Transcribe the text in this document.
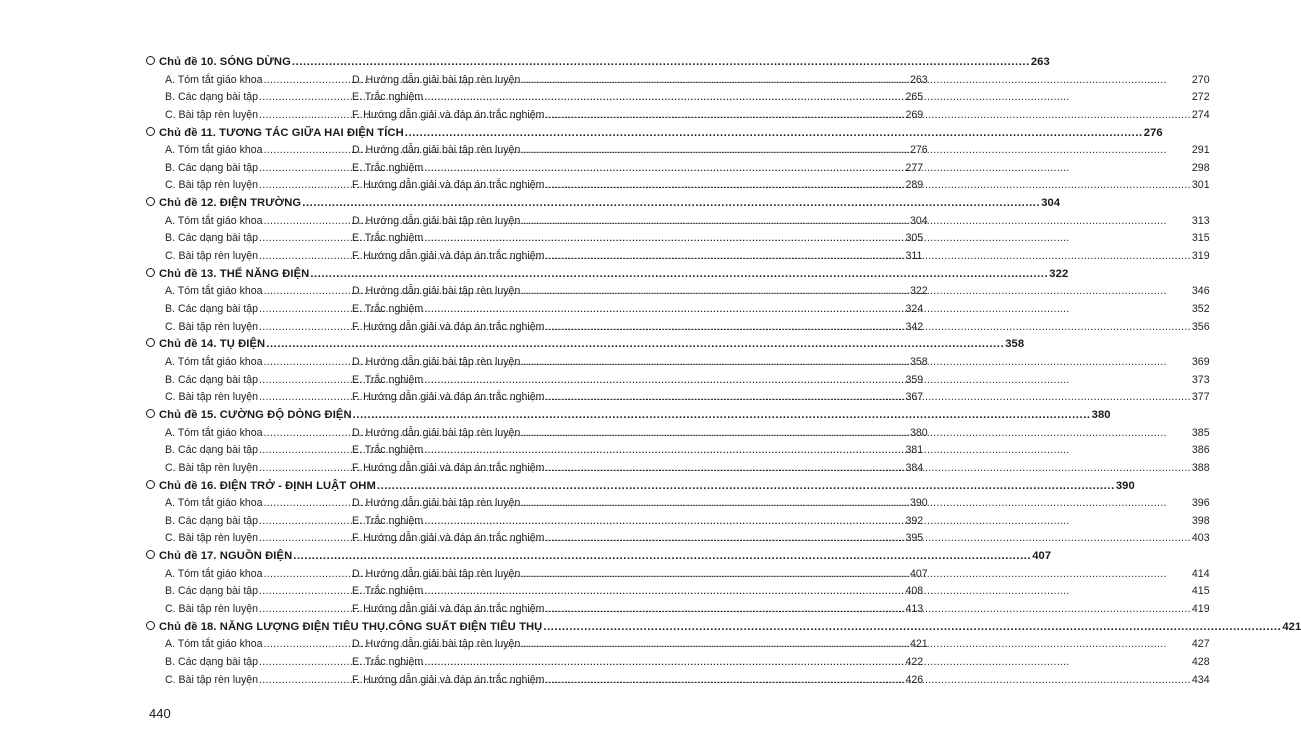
Chủ đề 10. SÓNG DỪNG .....	263
A. Tóm tắt giáo khoa .....	263
B. Các dạng bài tập .....	265
C. Bài tập rèn luyện .....	269
D. Hướng dẫn giải bài tập rèn luyện .....	270
E. Trắc nghiệm .....	272
F. Hướng dẫn giải và đáp án trắc nghiệm .....	274
Chủ đề 11. TƯƠNG TÁC GIỮA HAI ĐIỆN TÍCH .....	276
A. Tóm tắt giáo khoa .....	276
B. Các dạng bài tập .....	277
C. Bài tập rèn luyện .....	289
D. Hướng dẫn giải bài tập rèn luyện .....	291
E. Trắc nghiệm .....	298
F. Hướng dẫn giải và đáp án trắc nghiệm .....	301
Chủ đề 12. ĐIỆN TRƯỜNG .....	304
A. Tóm tắt giáo khoa .....	304
B. Các dạng bài tập .....	305
C. Bài tập rèn luyện .....	311
D. Hướng dẫn giải bài tập rèn luyện .....	313
E. Trắc nghiệm .....	315
F. Hướng dẫn giải và đáp án trắc nghiệm .....	319
Chủ đề 13. THẾ NĂNG ĐIỆN .....	322
A. Tóm tắt giáo khoa .....	322
B. Các dạng bài tập .....	324
C. Bài tập rèn luyện .....	342
D. Hướng dẫn giải bài tập rèn luyện .....	346
E. Trắc nghiệm .....	352
F. Hướng dẫn giải và đáp án trắc nghiệm .....	356
Chủ đề 14. TỤ ĐIỆN .....	358
A. Tóm tắt giáo khoa .....	358
B. Các dạng bài tập .....	359
C. Bài tập rèn luyện .....	367
D. Hướng dẫn giải bài tập rèn luyện .....	369
E. Trắc nghiệm .....	373
F. Hướng dẫn giải và đáp án trắc nghiệm .....	377
Chủ đề 15. CƯỜNG ĐỘ DÒNG ĐIỆN .....	380
A. Tóm tắt giáo khoa .....	380
B. Các dạng bài tập .....	381
C. Bài tập rèn luyện .....	384
D. Hướng dẫn giải bài tập rèn luyện .....	385
E. Trắc nghiệm .....	386
F. Hướng dẫn giải và đáp án trắc nghiệm .....	388
Chủ đề 16. ĐIỆN TRỞ - ĐỊNH LUẬT OHM .....	390
A. Tóm tắt giáo khoa .....	390
B. Các dạng bài tập .....	392
C. Bài tập rèn luyện .....	395
D. Hướng dẫn giải bài tập rèn luyện .....	396
E. Trắc nghiệm .....	398
F. Hướng dẫn giải và đáp án trắc nghiệm .....	403
Chủ đề 17. NGUỒN ĐIỆN .....	407
A. Tóm tắt giáo khoa .....	407
B. Các dạng bài tập .....	408
C. Bài tập rèn luyện .....	413
D. Hướng dẫn giải bài tập rèn luyện .....	414
E. Trắc nghiệm .....	415
F. Hướng dẫn giải và đáp án trắc nghiệm .....	419
Chủ đề 18. NĂNG LƯỢNG ĐIỆN TIÊU THỤ.CÔNG SUẤT ĐIỆN TIÊU THỤ .....	421
A. Tóm tắt giáo khoa .....	421
B. Các dạng bài tập .....	422
C. Bài tập rèn luyện .....	426
D. Hướng dẫn giải bài tập rèn luyện .....	427
E. Trắc nghiệm .....	428
F. Hướng dẫn giải và đáp án trắc nghiệm .....	434
440
